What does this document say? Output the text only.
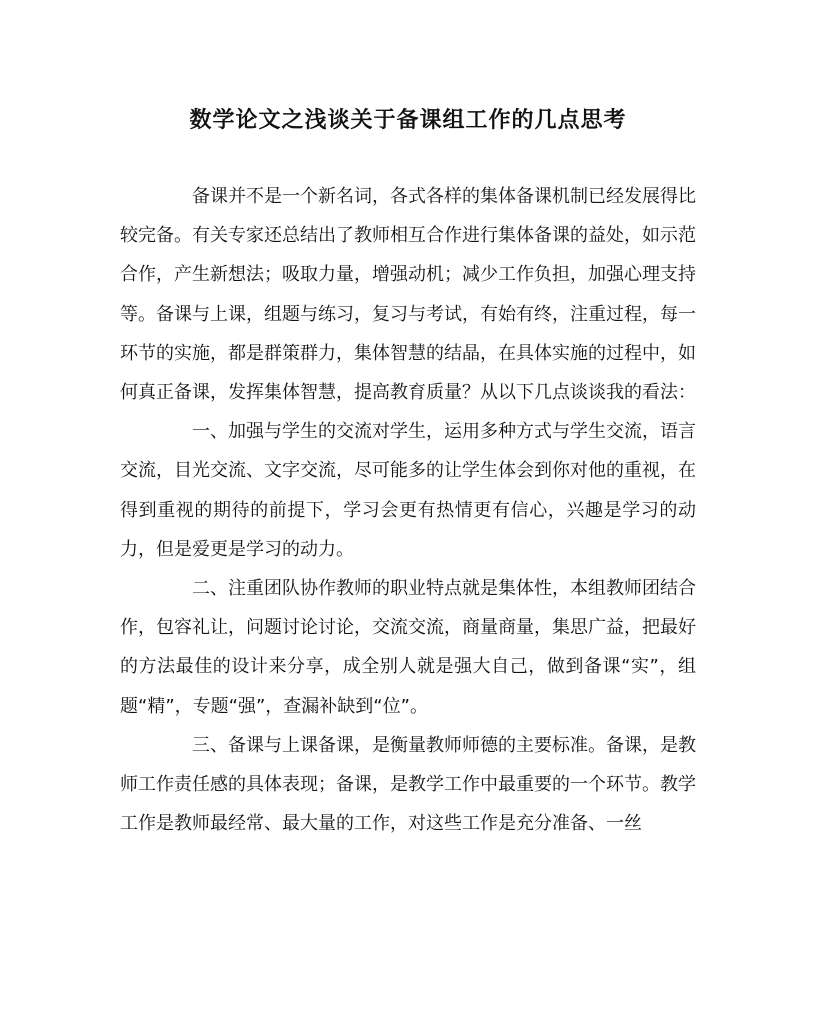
数学论文之浅谈关于备课组工作的几点思考

备课并不是一个新名词，各式各样的集体备课机制已经发展得比较完备。有关专家还总结出了教师相互合作进行集体备课的益处，如示范合作，产生新想法；吸取力量，增强动机；减少工作负担，加强心理支持等。备课与上课，组题与练习，复习与考试，有始有终，注重过程，每一环节的实施，都是群策群力，集体智慧的结晶，在具体实施的过程中，如何真正备课，发挥集体智慧，提高教育质量？从以下几点谈谈我的看法：

一、加强与学生的交流对学生，运用多种方式与学生交流，语言交流，目光交流、文字交流，尽可能多的让学生体会到你对他的重视，在得到重视的期待的前提下，学习会更有热情更有信心，兴趣是学习的动力，但是爱更是学习的动力。

二、注重团队协作教师的职业特点就是集体性，本组教师团结合作，包容礼让，问题讨论讨论，交流交流，商量商量，集思广益，把最好的方法最佳的设计来分享，成全别人就是强大自己，做到备课“实”，组题“精”，专题“强”，查漏补缺到“位”。

三、备课与上课备课，是衡量教师师德的主要标准。备课，是教师工作责任感的具体表现；备课，是教学工作中最重要的一个环节。教学工作是教师最经常、最大量的工作，对这些工作是充分准备、一丝
